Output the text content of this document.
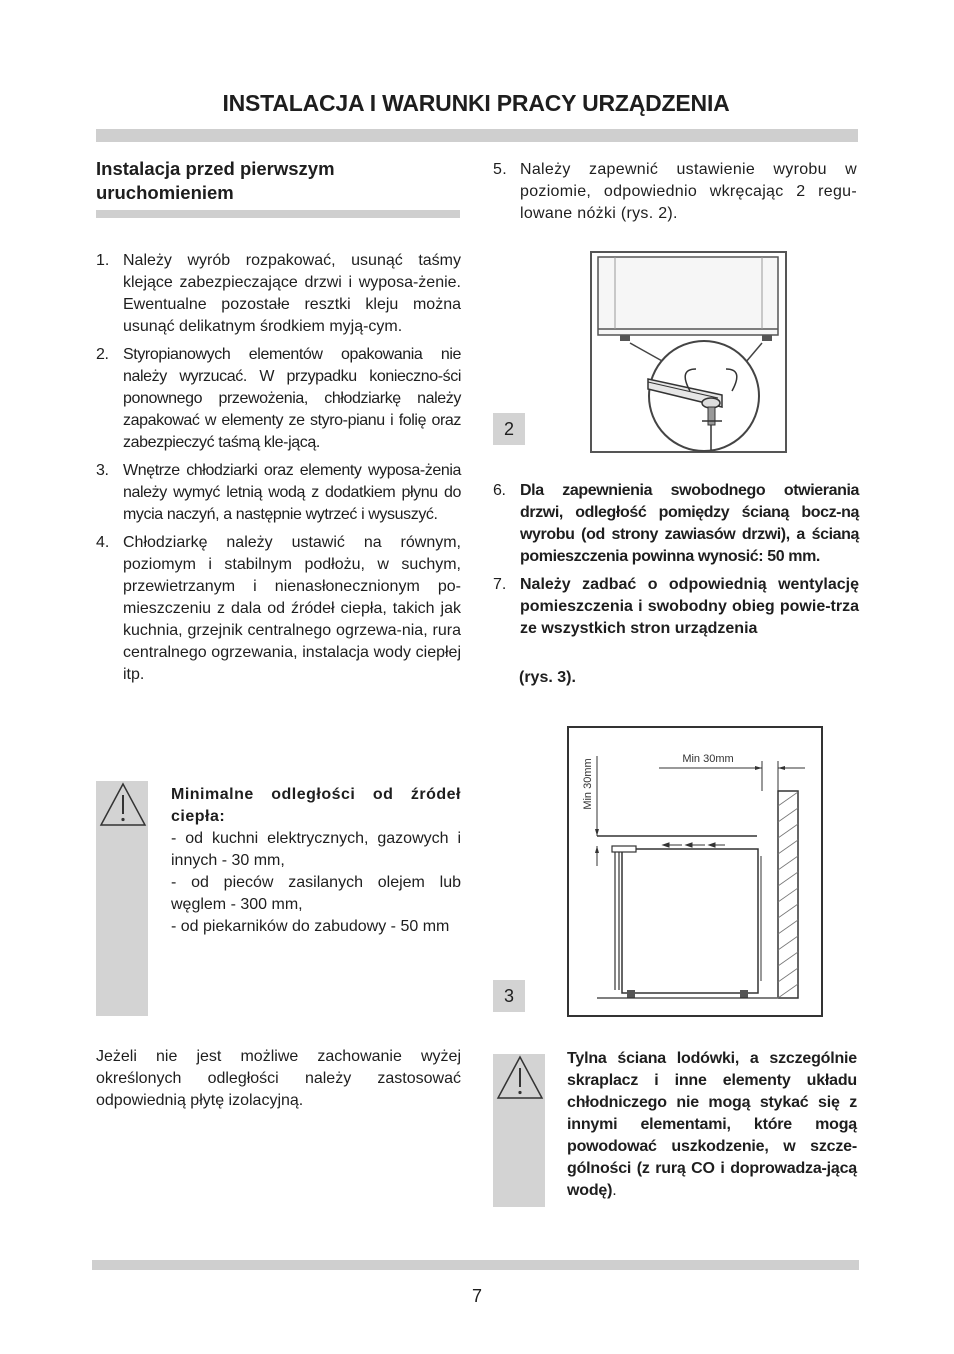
INSTALACJA I WARUNKI PRACY URZĄDZENIA
Instalacja przed pierwszym uruchomieniem
1. Należy wyrób rozpakować, usunąć taśmy klejące zabezpieczające drzwi i wyposa-żenie. Ewentualne pozostałe resztki kleju można usunąć delikatnym środkiem myją-cym.
2. Styropianowych elementów opakowania nie należy wyrzucać. W przypadku konieczno-ści ponownego przewożenia, chłodziarkę należy zapakować w elementy ze styro-pianu i folię oraz zabezpieczyć taśmą kle-jącą.
3. Wnętrze chłodziarki oraz elementy wyposa-żenia należy wymyć letnią wodą z dodatkiem płynu do mycia naczyń, a następnie wytrzeć i wysuszyć.
4. Chłodziarkę należy ustawić na równym, poziomym i stabilnym podłożu, w suchym, przewietrzanym i nienasłonecznionym po-mieszczeniu z dala od źródeł ciepła, takich jak kuchnia, grzejnik centralnego ogrzewa-nia, rura centralnego ogrzewania, instalacja wody ciepłej itp.
Minimalne odległości od źródeł ciepła:
- od kuchni elektrycznych, gazowych i innych - 30 mm,
- od pieców zasilanych olejem lub węglem - 300 mm,
- od piekarników do zabudowy - 50 mm
Jeżeli nie jest możliwe zachowanie wyżej określonych odległości należy zastosować odpowiednią płytę izolacyjną.
5. Należy zapewnić ustawienie wyrobu w poziomie, odpowiednio wkręcając 2 regu-lowane nóżki (rys. 2).
2
6. Dla zapewnienia swobodnego otwierania drzwi, odległość pomiędzy ścianą bocz-ną wyrobu (od strony zawiasów drzwi), a ścianą pomieszczenia powinna wynosić: 50 mm.
7. Należy zadbać o odpowiednią wentylację pomieszczenia i swobodny obieg powie-trza ze wszystkich stron urządzenia
(rys. 3).
3
Min 30mm
Min 30mm
Tylna ściana lodówki, a szczególnie skraplacz i inne elementy układu chłodniczego nie mogą stykać się z innymi elementami, które mogą powodować uszkodzenie, w szcze-gólności (z rurą CO i doprowadza-jącą wodę).
7
